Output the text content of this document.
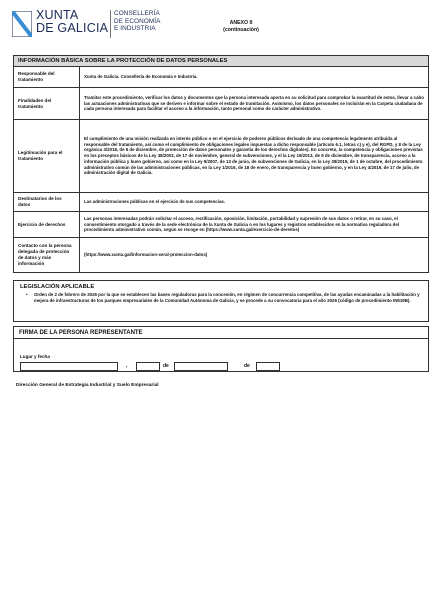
XUNTA
DE GALICIA
CONSELLERÍA
DE ECONOMÍA
E INDUSTRIA
ANEXO II
(continuación)
INFORMACIÓN BÁSICA SOBRE LA PROTECCIÓN DE DATOS PERSONALES
Responsable del tratamiento
Xunta de Galicia. Consellería de Economía e Industria.
Finalidades del tratamiento
Tramitar este procedimiento, verificar los datos y documentos que la persona interesada aporta en su solicitud para comprobar la exactitud de estos, llevar a cabo las actuaciones administrativas que se deriven e informar sobre el estado de tramitación. Asimismo, los datos personales se incluirán en la Carpeta ciudadana de cada persona interesada para facilitar el acceso a la información, tanto personal como de carácter administrativo.
Legitimación para el tratamiento
El cumplimiento de una misión realizada en interés público o en el ejercicio de poderes públicos derivado de una competencia legalmente atribuida al responsable del tratamiento, así como el cumplimiento de obligaciones legales impuestas a dicho responsable (artículo 6.1, letras c) y e), del RGPD, y 8 de la Ley orgánica 3/2018, de 5 de diciembre, de protección de datos personales y garantía de los derechos digitales). En concreto, la competencia y obligaciones previstas en los preceptos básicos de la Ley 38/2003, de 17 de noviembre, general de subvenciones, y el la Ley 19/2013, de 9 de diciembre, de transparencia, acceso a la información pública y buen gobierno, así como en la Ley 9/2007, de 13 de junio, de subvenciones de Galicia, en la Ley 39/2015, de 1 de octubre, del procedimiento administrativo común de las administraciones públicas, en la Ley 1/2016, de 18 de enero, de transparencia y buen gobierno, y en la Ley 4/2019, de 17 de julio, de administración digital de Galicia.
Destinatarios de los datos
Las administraciones públicas en el ejercicio de sus competencias.
Ejercicio de derechos
Las personas interesadas podrán solicitar el acceso, rectificación, oposición, limitación, portabilidad y supresión de sus datos o retirar, en su caso, el consentimiento otorgado a través de la sede electrónica de la Xunta de Galicia o en los lugares y registros establecidos en la normativa reguladora del procedimiento administrativo común, según se recoge en (https://www.xunta.gal/exercicio-de-dereitos)
Contacto con la persona delegada de protección de datos y más información
(https://www.xunta.gal/informacion-xeral-proteccion-datos)
LEGISLACIÓN APLICABLE
• Orden de 2 de febrero de 2026 por la que se establecen las bases reguladoras para la concesión, en régimen de concurrencia competitiva, de las ayudas encaminadas a la habilitación y mejora de infraestructuras de los parques empresariales de la Comunidad Autónoma de Galicia, y se procede a su convocatoria para el año 2026 (código de procedimiento IN519B).
FIRMA DE LA PERSONA REPRESENTANTE
Lugar y fecha
,	de	de
Dirección General de Estrategia Industrial y Suelo Empresarial
